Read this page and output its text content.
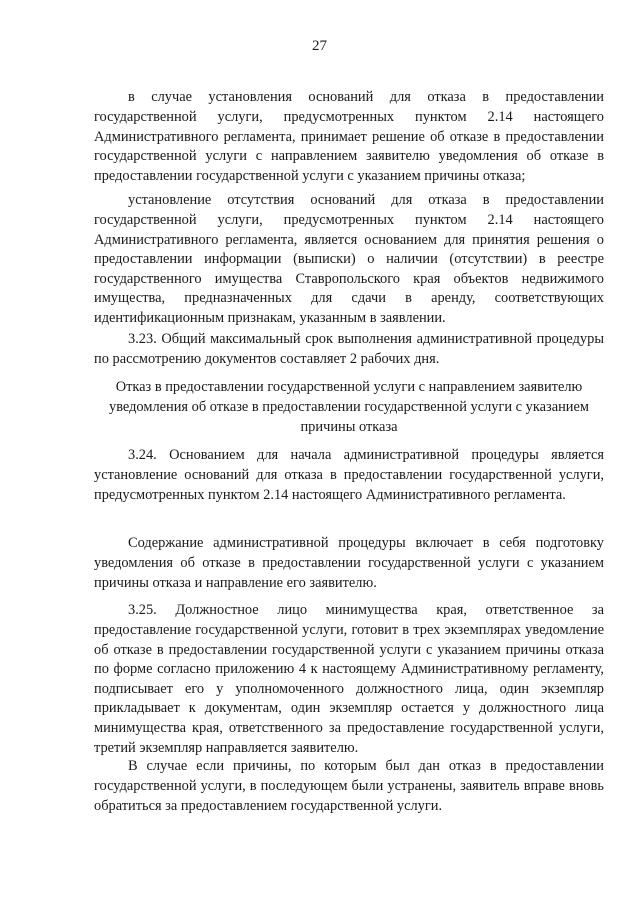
27

в случае установления оснований для отказа в предоставлении государственной услуги, предусмотренных пунктом 2.14 настоящего Административного регламента, принимает решение об отказе в предоставлении государственной услуги с направлением заявителю уведомления об отказе в предоставлении государственной услуги с указанием причины отказа;

установление отсутствия оснований для отказа в предоставлении государственной услуги, предусмотренных пунктом 2.14 настоящего Административного регламента, является основанием для принятия решения о предоставлении информации (выписки) о наличии (отсутствии) в реестре государственного имущества Ставропольского края объектов недвижимого имущества, предназначенных для сдачи в аренду, соответствующих идентификационным признакам, указанным в заявлении.

3.23. Общий максимальный срок выполнения административной процедуры по рассмотрению документов составляет 2 рабочих дня.

Отказ в предоставлении государственной услуги с направлением заявителю уведомления об отказе в предоставлении государственной услуги с указанием причины отказа

3.24. Основанием для начала административной процедуры является установление оснований для отказа в предоставлении государственной услуги, предусмотренных пунктом 2.14 настоящего Административного регламента.

Содержание административной процедуры включает в себя подготовку уведомления об отказе в предоставлении государственной услуги с указанием причины отказа и направление его заявителю.

3.25. Должностное лицо минимущества края, ответственное за предоставление государственной услуги, готовит в трех экземплярах уведомление об отказе в предоставлении государственной услуги с указанием причины отказа по форме согласно приложению 4 к настоящему Административному регламенту, подписывает его у уполномоченного должностного лица, один экземпляр прикладывает к документам, один экземпляр остается у должностного лица минимущества края, ответственного за предоставление государственной услуги, третий экземпляр направляется заявителю.

В случае если причины, по которым был дан отказ в предоставлении государственной услуги, в последующем были устранены, заявитель вправе вновь обратиться за предоставлением государственной услуги.
